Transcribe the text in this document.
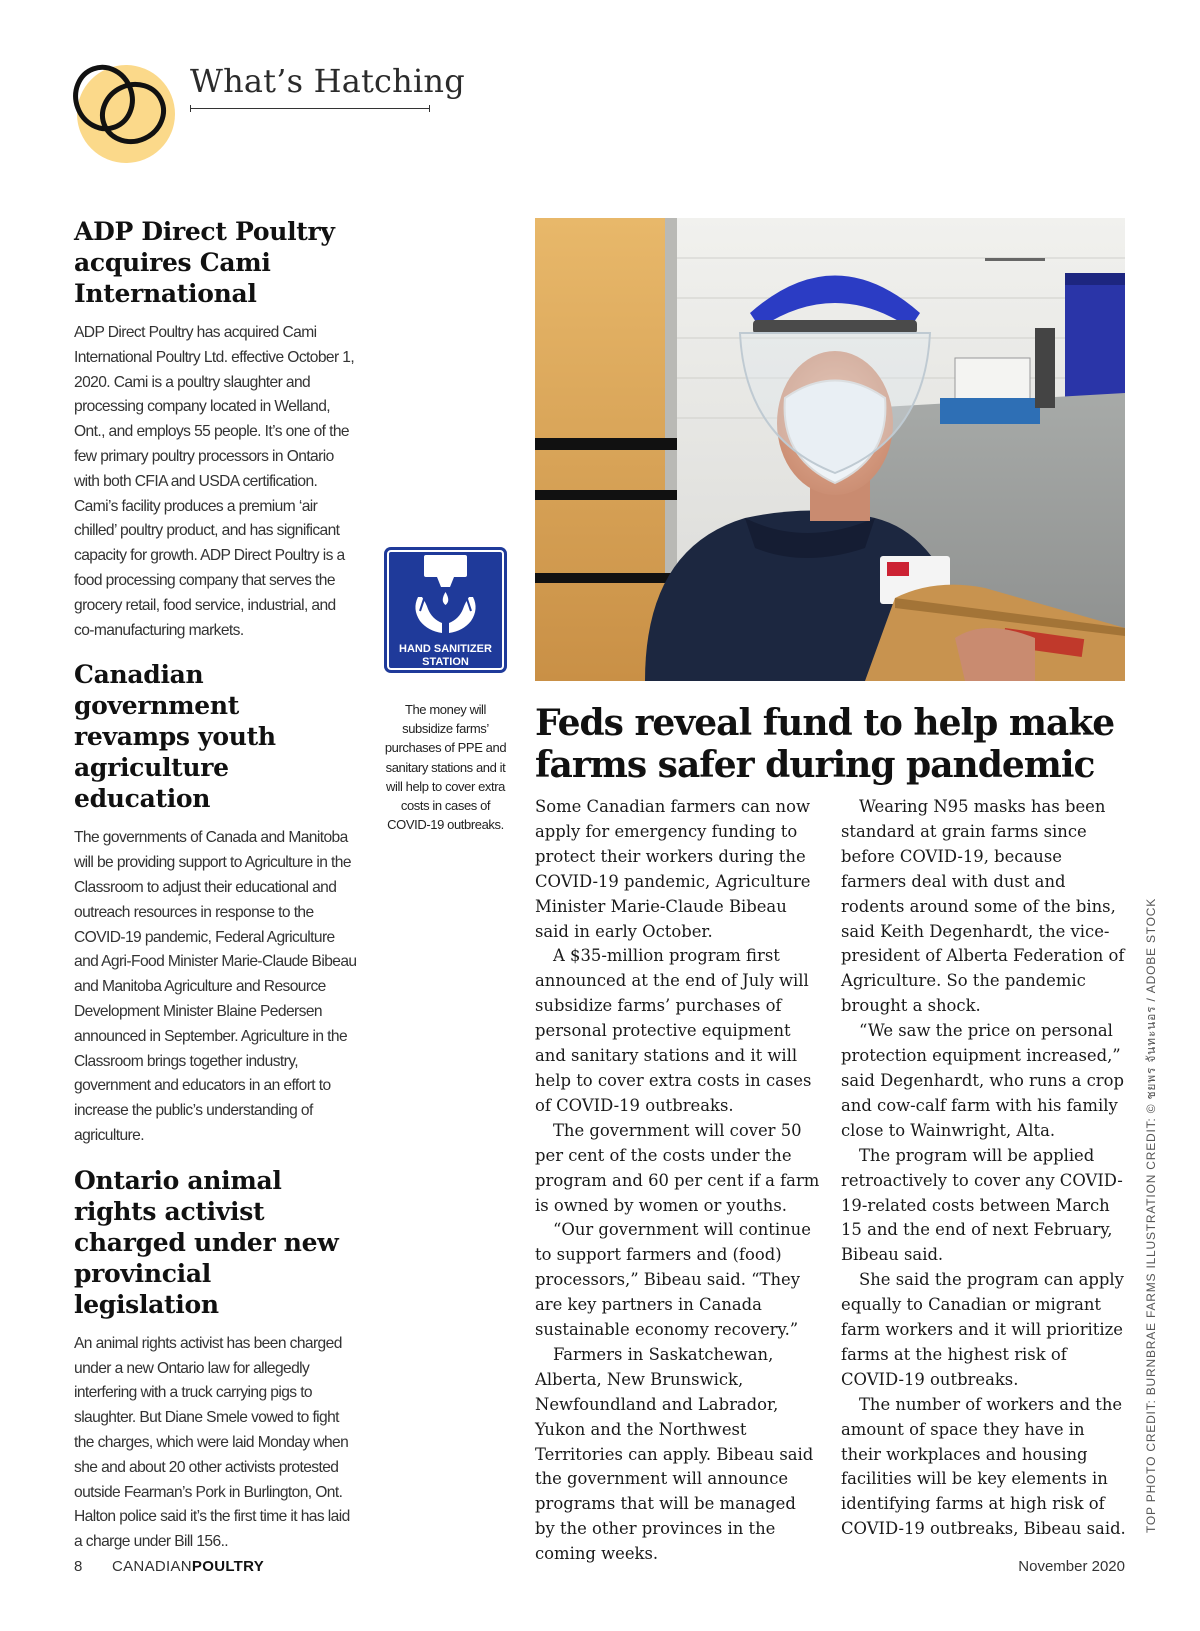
What’s Hatching
ADP Direct Poultry acquires Cami International

ADP Direct Poultry has acquired Cami International Poultry Ltd. effective October 1, 2020. Cami is a poultry slaughter and processing company located in Welland, Ont., and employs 55 people. It’s one of the few primary poultry processors in Ontario with both CFIA and USDA certification. Cami’s facility produces a premium ‘air chilled’ poultry product, and has significant capacity for growth. ADP Direct Poultry is a food processing company that serves the grocery retail, food service, industrial, and co-manufacturing markets.

Canadian government revamps youth agriculture education

The governments of Canada and Manitoba will be providing support to Agriculture in the Classroom to adjust their educational and outreach resources in response to the COVID-19 pandemic, Federal Agriculture and Agri-Food Minister Marie-Claude Bibeau and Manitoba Agriculture and Resource Development Minister Blaine Pedersen announced in September. Agriculture in the Classroom brings together industry, government and educators in an effort to increase the public’s understanding of agriculture.

Ontario animal rights activist charged under new provincial legislation

An animal rights activist has been charged under a new Ontario law for allegedly interfering with a truck carrying pigs to slaughter. But Diane Smele vowed to fight the charges, which were laid Monday when she and about 20 other activists protested outside Fearman’s Pork in Burlington, Ont. Halton police said it’s the first time it has laid a charge under Bill 156..

HAND SANITIZER
STATION

The money will subsidize farms’ purchases of PPE and sanitary stations and it will help to cover extra costs in cases of COVID-19 outbreaks.

Feds reveal fund to help make farms safer during pandemic

Some Canadian farmers can now apply for emergency funding to protect their workers during the COVID-19 pandemic, Agriculture Minister Marie-Claude Bibeau said in early October.

A $35-million program first announced at the end of July will subsidize farms’ purchases of personal protective equipment and sanitary stations and it will help to cover extra costs in cases of COVID-19 outbreaks.

The government will cover 50 per cent of the costs under the program and 60 per cent if a farm is owned by women or youths.

“Our government will continue to support farmers and (food) processors,” Bibeau said. “They are key partners in Canada sustainable economy recovery.”

Farmers in Saskatchewan, Alberta, New Brunswick, Newfoundland and Labrador, Yukon and the Northwest Territories can apply. Bibeau said the government will announce programs that will be managed by the other provinces in the coming weeks.

Wearing N95 masks has been standard at grain farms since before COVID-19, because farmers deal with dust and rodents around some of the bins, said Keith Degenhardt, the vice-president of Alberta Federation of Agriculture. So the pandemic brought a shock.

“We saw the price on personal protection equipment increased,” said Degenhardt, who runs a crop and cow-calf farm with his family close to Wainwright, Alta.

The program will be applied retroactively to cover any COVID-19-related costs between March 15 and the end of next February, Bibeau said.

She said the program can apply equally to Canadian or migrant farm workers and it will prioritize farms at the highest risk of COVID-19 outbreaks.

The number of workers and the amount of space they have in their workplaces and housing facilities will be key elements in identifying farms at high risk of COVID-19 outbreaks, Bibeau said. TOP PHOTO CREDIT: BURNBRAE FARMS ILLUSTRATION CREDIT: © ชยพร จันทะนอร / ADOBE STOCK
8 CANADIANPOULTRY	November 2020
